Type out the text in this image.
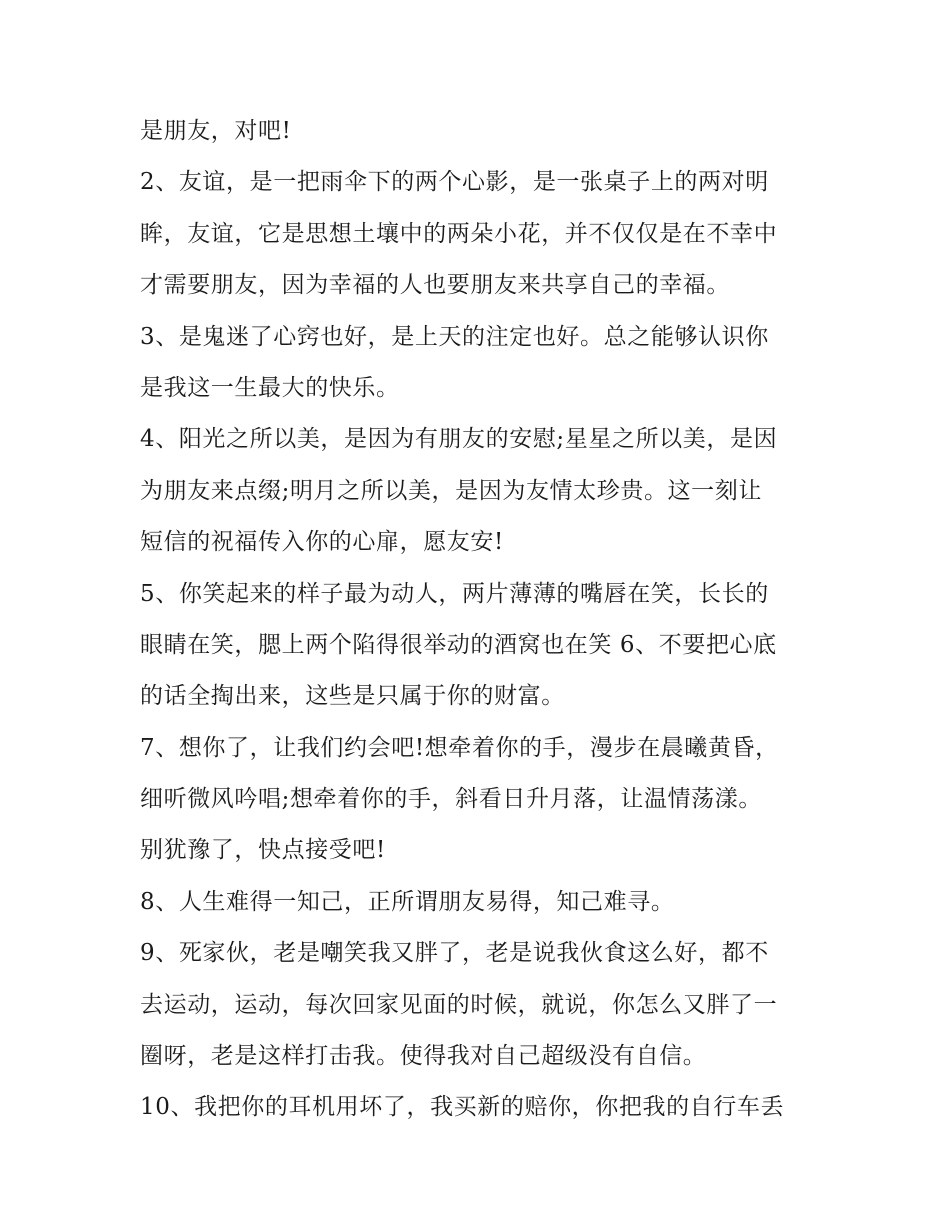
是朋友，对吧!
2、友谊，是一把雨伞下的两个心影，是一张桌子上的两对明
眸，友谊，它是思想土壤中的两朵小花，并不仅仅是在不幸中
才需要朋友，因为幸福的人也要朋友来共享自己的幸福。
3、是鬼迷了心窍也好，是上天的注定也好。总之能够认识你
是我这一生最大的快乐。
4、阳光之所以美，是因为有朋友的安慰;星星之所以美，是因
为朋友来点缀;明月之所以美，是因为友情太珍贵。这一刻让
短信的祝福传入你的心扉，愿友安!
5、你笑起来的样子最为动人，两片薄薄的嘴唇在笑，长长的
眼睛在笑，腮上两个陷得很举动的酒窝也在笑 6、不要把心底
的话全掏出来，这些是只属于你的财富。
7、想你了，让我们约会吧!想牵着你的手，漫步在晨曦黄昏，
细听微风吟唱;想牵着你的手，斜看日升月落，让温情荡漾。
别犹豫了，快点接受吧!
8、人生难得一知己，正所谓朋友易得，知己难寻。
9、死家伙，老是嘲笑我又胖了，老是说我伙食这么好，都不
去运动，运动，每次回家见面的时候，就说，你怎么又胖了一
圈呀，老是这样打击我。使得我对自己超级没有自信。
10、我把你的耳机用坏了，我买新的赔你，你把我的自行车丢
